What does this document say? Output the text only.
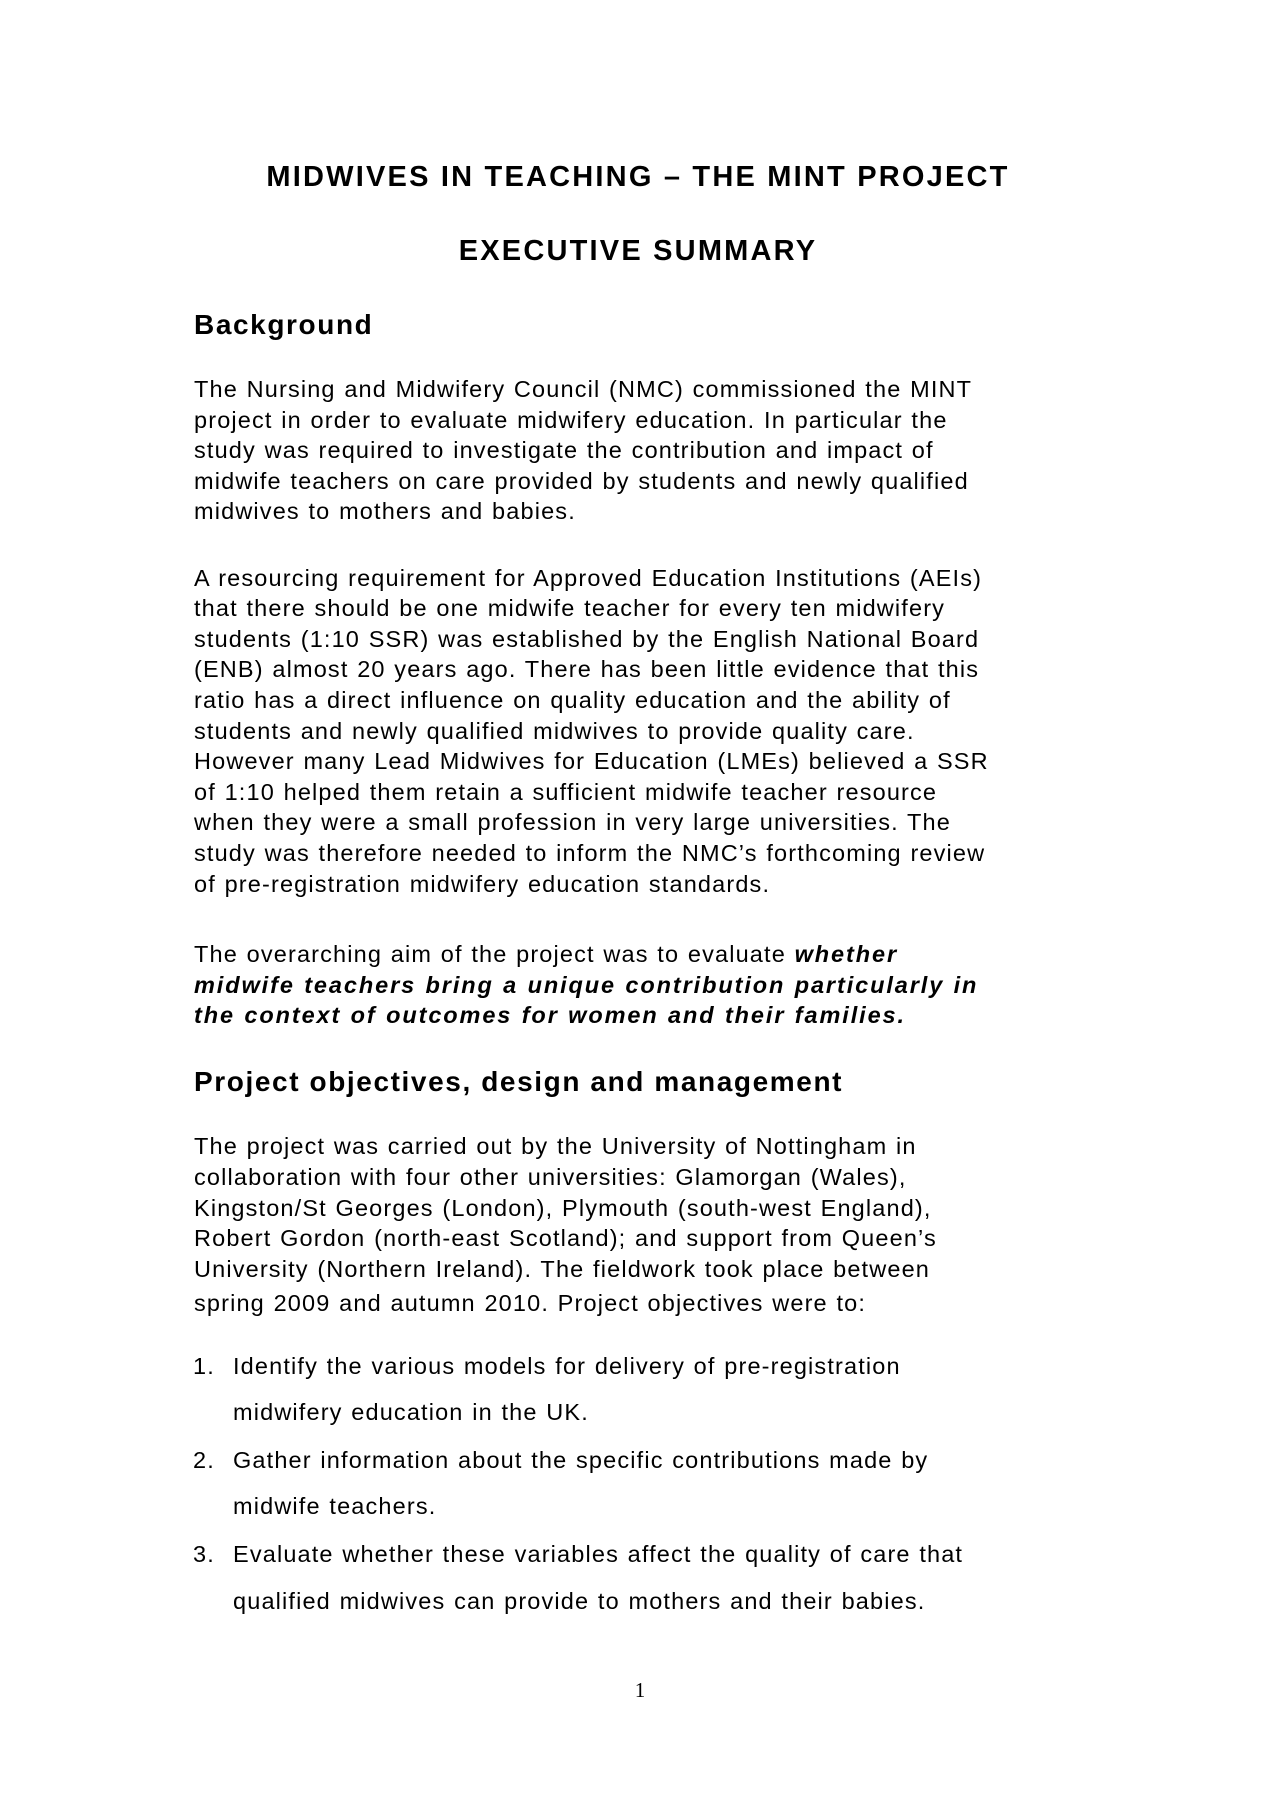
MIDWIVES IN TEACHING – THE MINT PROJECT
EXECUTIVE SUMMARY
Background
The Nursing and Midwifery Council (NMC) commissioned the MINT
project in order to evaluate midwifery education. In particular the
study was required to investigate the contribution and impact of
midwife teachers on care provided by students and newly qualified
midwives to mothers and babies.
A resourcing requirement for Approved Education Institutions (AEIs)
that there should be one midwife teacher for every ten midwifery
students (1:10 SSR) was established by the English National Board
(ENB) almost 20 years ago. There has been little evidence that this
ratio has a direct influence on quality education and the ability of
students and newly qualified midwives to provide quality care.
However many Lead Midwives for Education (LMEs) believed a SSR
of 1:10 helped them retain a sufficient midwife teacher resource
when they were a small profession in very large universities. The
study was therefore needed to inform the NMC’s forthcoming review
of pre-registration midwifery education standards.
The overarching aim of the project was to evaluate whether
midwife teachers bring a unique contribution particularly in
the context of outcomes for women and their families.
Project objectives, design and management
The project was carried out by the University of Nottingham in
collaboration with four other universities: Glamorgan (Wales),
Kingston/St Georges (London), Plymouth (south-west England),
Robert Gordon (north-east Scotland); and support from Queen’s
University (Northern Ireland). The fieldwork took place between
spring 2009 and autumn 2010. Project objectives were to:
1. Identify the various models for delivery of pre-registration
midwifery education in the UK.
2. Gather information about the specific contributions made by
midwife teachers.
3. Evaluate whether these variables affect the quality of care that
qualified midwives can provide to mothers and their babies.
1
